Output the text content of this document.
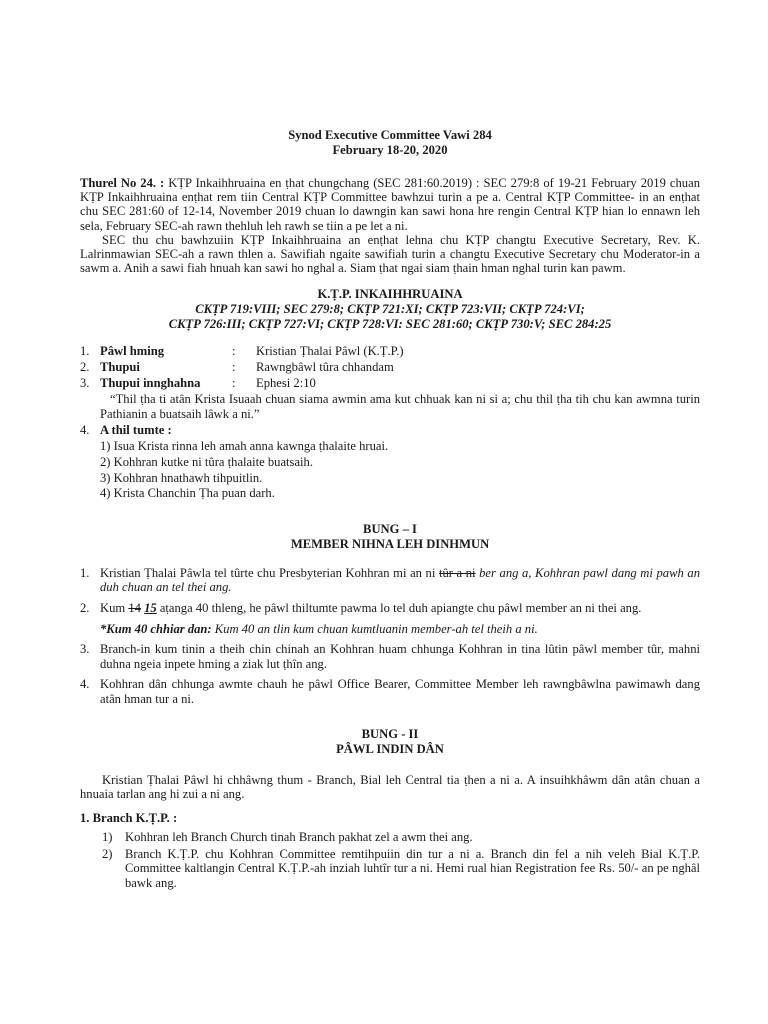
Synod Executive Committee Vawi 284

February 18-20, 2020

Thurel No 24. : KṬP Inkaihhruaina en ṭhat chungchang (SEC 281:60.2019) : SEC 279:8 of 19-21 February 2019 chuan KṬP Inkaihhruaina enṭhat rem tiin Central KṬP Committee bawhzui turin a pe a. Central KṬP Committee- in an enṭhat chu SEC 281:60 of 12-14, November 2019 chuan lo dawngin kan sawi hona hre rengin Central KṬP hian lo ennawn leh sela, February SEC-ah rawn thehluh leh rawh se tiin a pe let a ni.

SEC thu chu bawhzuiin KṬP Inkaihhruaina an enṭhat lehna chu KṬP changtu Executive Secretary, Rev. K. Lalrinmawian SEC-ah a rawn thlen a. Sawifiah ngaite sawifiah turin a changtu Executive Secretary chu Moderator-in a sawm a. Anih a sawi fiah hnuah kan sawi ho nghal a. Siam ṭhat ngai siam ṭhain hman nghal turin kan pawm.

K.Ṭ.P. INKAIHHRUAINA

CKṬP 719:VIII; SEC 279:8; CKṬP 721:XI; CKṬP 723:VII; CKṬP 724:VI;

CKṬP 726:III; CKṬP 727:VI; CKṬP 728:VI: SEC 281:60; CKṬP 730:V; SEC 284:25

1. Pâwl hming	: Kristian Ṭhalai Pâwl (K.Ṭ.P.)
2. Thupui	: Rawngbâwl tûra chhandam
3. Thupui innghahna	: Ephesi 2:10

“Thil ṭha ti atân Krista Isuaah chuan siama awmin ama kut chhuak kan ni si a; chu thil ṭha tih chu kan awmna turin Pathianin a buatsaih lâwk a ni.”

4. A thil tumte :

1) Isua Krista rinna leh amah anna kawnga ṭhalaite hruai.

2) Kohhran kutke ni tûra ṭhalaite buatsaih.

3) Kohhran hnathawh tihpuitlin.

4) Krista Chanchin Ṭha puan darh.

BUNG – I

MEMBER NIHNA LEH DINHMUN

1. Kristian Ṭhalai Pâwla tel tûrte chu Presbyterian Kohhran mi an ni tûr a ni ber ang a, Kohhran pawl dang mi pawh an duh chuan an tel thei ang.
2. Kum 14 15 aṭanga 40 thleng, he pâwl thiltumte pawma lo tel duh apiangte chu pâwl member an ni thei ang.

*Kum 40 chhiar dan: Kum 40 an tlin kum chuan kumtluanin member-ah tel theih a ni.

3. Branch-in kum tinin a theih chin chinah an Kohhran huam chhunga Kohhran in tina lûtin pâwl member tûr, mahni duhna ngeia inpete hming a ziak lut ṭhîn ang.
4. Kohhran dân chhunga awmte chauh he pâwl Office Bearer, Committee Member leh rawngbâwlna pawimawh dang atân hman tur a ni.

BUNG - II

PÂWL INDIN DÂN

Kristian Ṭhalai Pâwl hi chhâwng thum - Branch, Bial leh Central tia ṭhen a ni a. A insuihkhâwm dân atân chuan a hnuaia tarlan ang hi zui a ni ang.

1. Branch K.Ṭ.P. :

1) Kohhran leh Branch Church tinah Branch pakhat zel a awm thei ang.
2) Branch K.Ṭ.P. chu Kohhran Committee remtihpuiin din tur a ni a. Branch din fel a nih veleh Bial K.Ṭ.P. Committee kaltlangin Central K.Ṭ.P.-ah inziah luhtîr tur a ni. Hemi rual hian Registration fee Rs. 50/- an pe nghâl bawk ang.
